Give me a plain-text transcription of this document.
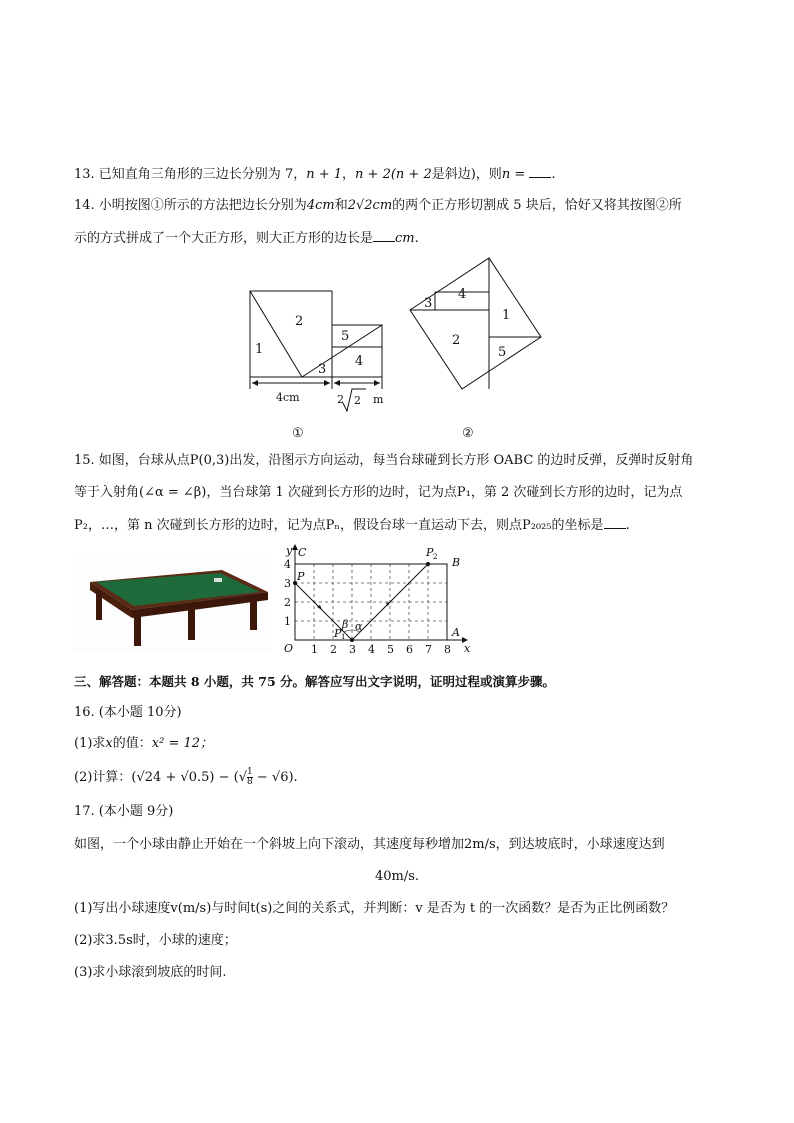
13. 已知直角三角形的三边长分别为 7，n + 1，n + 2(n + 2是斜边)，则n = .
14. 小明按图①所示的方法把边长分别为4cm和2√2cm的两个正方形切割成 5 块后，恰好又将其按图②所
示的方式拼成了一个大正方形，则大正方形的边长是 cm.
1
2
3
4
5
4cm	2 2 m
①
3
4
1
2
5
②
15. 如图，台球从点P(0,3)出发，沿图示方向运动，每当台球碰到长方形 OABC 的边时反弹，反弹时反射角
等于入射角(∠α = ∠β)，当台球第 1 次碰到长方形的边时，记为点P₁，第 2 次碰到长方形的边时，记为点
P₂，…，第 n 次碰到长方形的边时，记为点Pₙ，假设台球一直运动下去，则点P₂₀₂₅的坐标是 .
y
x
O
A
B
C
P
P 1
P 2
β α
1 2 3 4 5 6 7 8
1
2
3
4
三、解答题：本题共 8 小题，共 75 分。解答应写出文字说明，证明过程或演算步骤。
16. (本小题 10分)
(1)求x的值：x² = 12；
(2)计算：(√24 + √0.5) − (√ $\frac{1}{8} - √6$).
17. (本小题 9分)
如图，一个小球由静止开始在一个斜坡上向下滚动，其速度每秒增加2m/s，到达坡底时，小球速度达到
40m/s.
(1)写出小球速度v(m/s)与时间t(s)之间的关系式，并判断：v 是否为 t 的一次函数？是否为正比例函数？
(2)求3.5s时，小球的速度；
(3)求小球滚到坡底的时间.
